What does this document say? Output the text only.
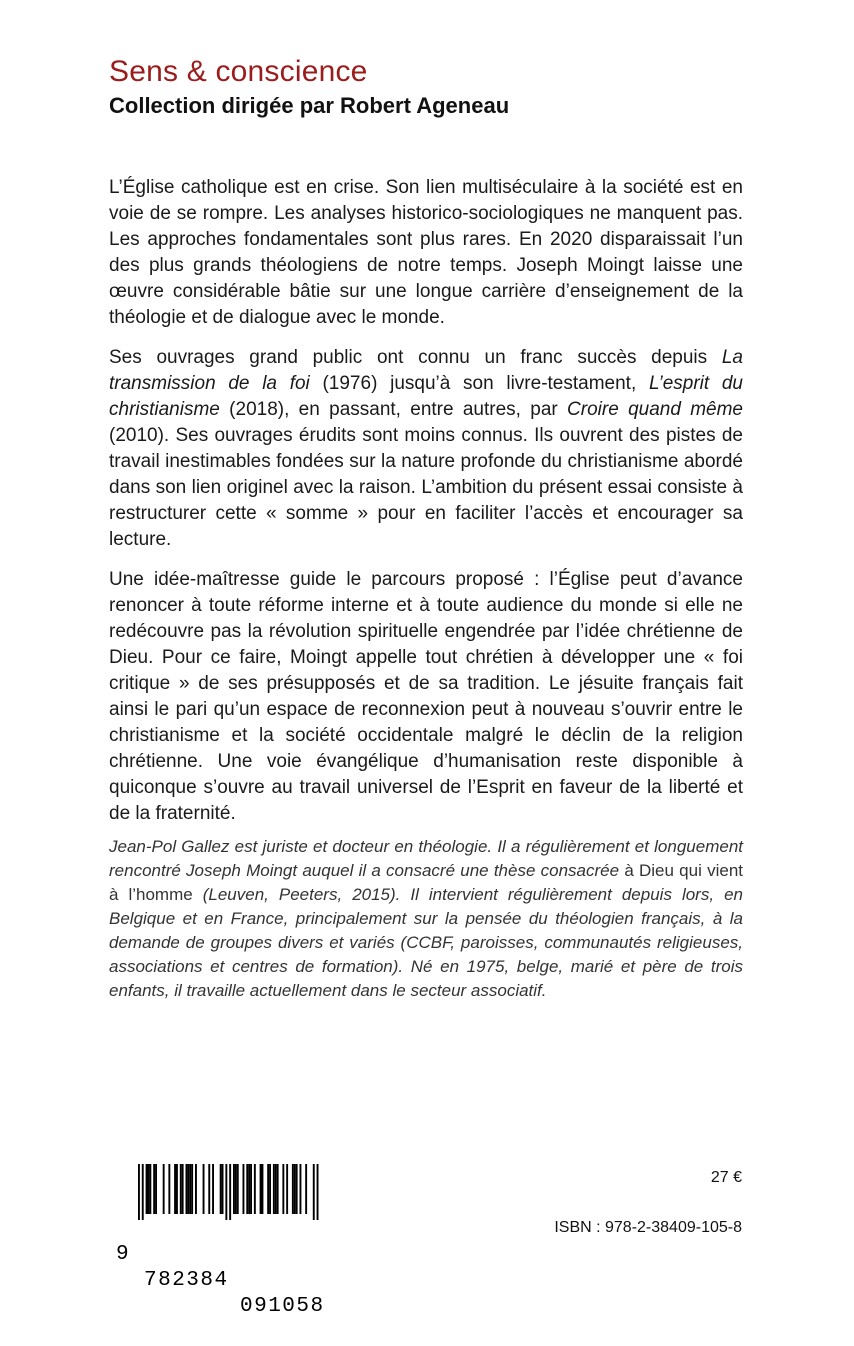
Sens & conscience
Collection dirigée par Robert Ageneau

L’Église catholique est en crise. Son lien multiséculaire à la société est en voie de se rompre. Les analyses historico-sociologiques ne manquent pas. Les approches fondamentales sont plus rares. En 2020 disparaissait l’un des plus grands théologiens de notre temps. Joseph Moingt laisse une œuvre considérable bâtie sur une longue carrière d’enseignement de la théologie et de dialogue avec le monde.

Ses ouvrages grand public ont connu un franc succès depuis La transmission de la foi (1976) jusqu’à son livre-testament, L’esprit du christianisme (2018), en passant, entre autres, par Croire quand même (2010). Ses ouvrages érudits sont moins connus. Ils ouvrent des pistes de travail inestimables fondées sur la nature profonde du christianisme abordé dans son lien originel avec la raison. L’ambition du présent essai consiste à restructurer cette « somme » pour en faciliter l’accès et encourager sa lecture.

Une idée-maîtresse guide le parcours proposé : l’Église peut d’avance renoncer à toute réforme interne et à toute audience du monde si elle ne redécouvre pas la révolution spirituelle engendrée par l’idée chrétienne de Dieu. Pour ce faire, Moingt appelle tout chrétien à développer une « foi critique » de ses présupposés et de sa tradition. Le jésuite français fait ainsi le pari qu’un espace de reconnexion peut à nouveau s’ouvrir entre le christianisme et la société occidentale malgré le déclin de la religion chrétienne. Une voie évangélique d’humanisation reste disponible à quiconque s’ouvre au travail universel de l’Esprit en faveur de la liberté et de la fraternité.

Jean-Pol Gallez est juriste et docteur en théologie. Il a régulièrement et longuement rencontré Joseph Moingt auquel il a consacré une thèse consacrée à Dieu qui vient à l’homme (Leuven, Peeters, 2015). Il intervient régulièrement depuis lors, en Belgique et en France, principalement sur la pensée du théologien français, à la demande de groupes divers et variés (CCBF, paroisses, communautés religieuses, associations et centres de formation). Né en 1975, belge, marié et père de trois enfants, il travaille actuellement dans le secteur associatif.

9

782384

091058

27 €
ISBN : 978-2-38409-105-8
